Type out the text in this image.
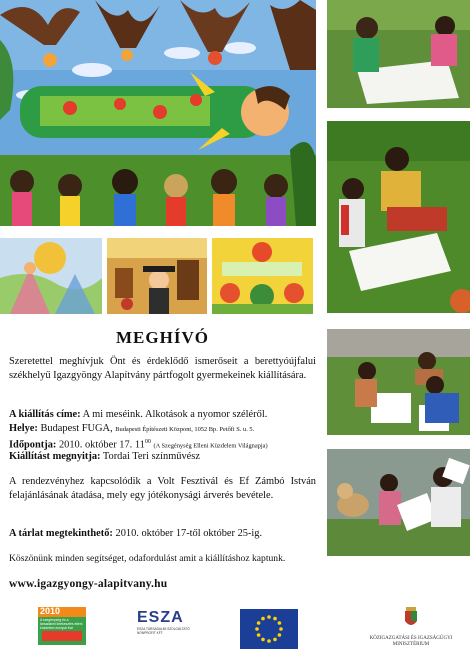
MEGHÍVÓ
Szeretettel meghívjuk Önt és érdeklődő ismerőseit a berettyóújfalui székhelyű Igazgyöngy Alapítvány pártfogolt gyermekeinek kiállítására.
A kiállítás címe: A mi meséink. Alkotások a nyomor széléről.
Helye: Budapest FUGA, Budapesti Építészeti Központ, 1052 Bp. Petőfi S. u. 5.
Időpontja: 2010. október 17. $11^{00}$ (A Szegénység Elleni Küzdelem Világnapja)
Kiállítást megnyitja: Tordai Teri színművész
A rendezvényhez kapcsolódik a Volt Fesztivál és Ef Zámbó István felajánlásának átadása, mely egy jótékonysági árverés bevétele.
A tárlat megtekinthető: 2010. október 17-től október 25-ig.
Köszönünk minden segítséget, odafordulást amit a kiállításhoz kaptunk.
www.igazgyongy-alapitvany.hu
2010
A szegénység és a társadalmi kirekesztés elleni küzdelem európai éve
ESZA
ESZA TÁRSADALMI SZOLGÁLTATÓ NONPROFIT KFT.
KÖZIGAZGATÁSI ÉS IGAZSÁGÜGYI MINISZTÉRIUM
